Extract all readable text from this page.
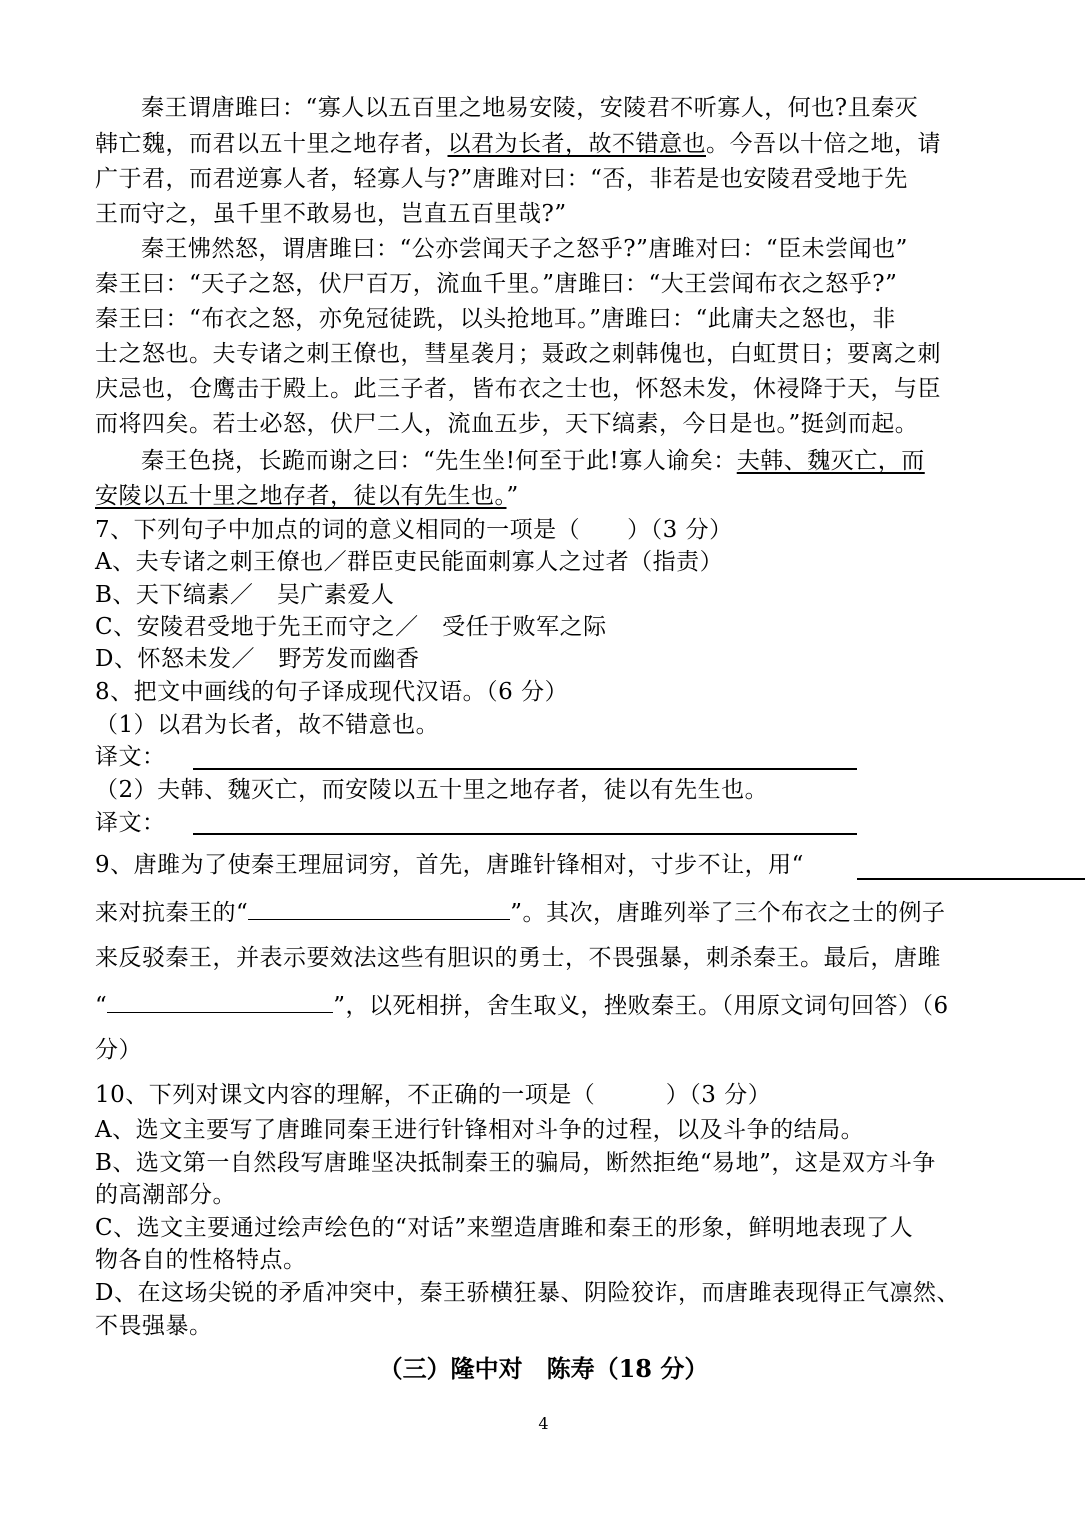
秦王谓唐雎曰：“寡人以五百里之地易安陵，安陵君不听寡人，何也?且秦灭
韩亡魏，而君以五十里之地存者，以君为长者，故不错意也。今吾以十倍之地，请
广于君，而君逆寡人者，轻寡人与?”唐雎对曰：“否，非若是也安陵君受地于先
王而守之，虽千里不敢易也，岂直五百里哉?”
秦王怫然怒，谓唐雎曰：“公亦尝闻天子之怒乎?”唐雎对曰：“臣未尝闻也”
秦王曰：“天子之怒，伏尸百万，流血千里。”唐雎曰：“大王尝闻布衣之怒乎?”
秦王曰：“布衣之怒，亦免冠徒跣，以头抢地耳。”唐雎曰：“此庸夫之怒也，非
士之怒也。夫专诸之刺王僚也，彗星袭月；聂政之刺韩傀也，白虹贯日；要离之刺
庆忌也，仓鹰击于殿上。此三子者，皆布衣之士也，怀怒未发，休祲降于天，与臣
而将四矣。若士必怒，伏尸二人，流血五步，天下缟素，今日是也。”挺剑而起。
秦王色挠，长跪而谢之曰：“先生坐!何至于此!寡人谕矣：夫韩、魏灭亡，而
安陵以五十里之地存者，徒以有先生也。”
7、下列句子中加点的词的意义相同的一项是（　　）（3 分）
A、夫专诸之刺王僚也／群臣吏民能面刺寡人之过者（指责）
B、天下缟素／　吴广素爱人
C、安陵君受地于先王而守之／　受任于败军之际
D、怀怒未发／　野芳发而幽香
8、把文中画线的句子译成现代汉语。（6 分）
（1）以君为长者，故不错意也。
译文：
（2）夫韩、魏灭亡，而安陵以五十里之地存者，徒以有先生也。
译文：
9、唐雎为了使秦王理屈词穷，首先，唐雎针锋相对，寸步不让，用“
来对抗秦王的“	”。其次，唐雎列举了三个布衣之士的例子
来反驳秦王，并表示要效法这些有胆识的勇士，不畏强暴，刺杀秦王。最后，唐雎
“	”，以死相拼，舍生取义，挫败秦王。（用原文词句回答）（6
分）
10、下列对课文内容的理解，不正确的一项是（　　　）（3 分）
A、选文主要写了唐雎同秦王进行针锋相对斗争的过程，以及斗争的结局。
B、选文第一自然段写唐雎坚决抵制秦王的骗局，断然拒绝“易地”，这是双方斗争
的高潮部分。
C、选文主要通过绘声绘色的“对话”来塑造唐雎和秦王的形象，鲜明地表现了人
物各自的性格特点。
D、在这场尖锐的矛盾冲突中，秦王骄横狂暴、阴险狡诈，而唐雎表现得正气凛然、
不畏强暴。
（三）隆中对　陈寿（18 分）
4
